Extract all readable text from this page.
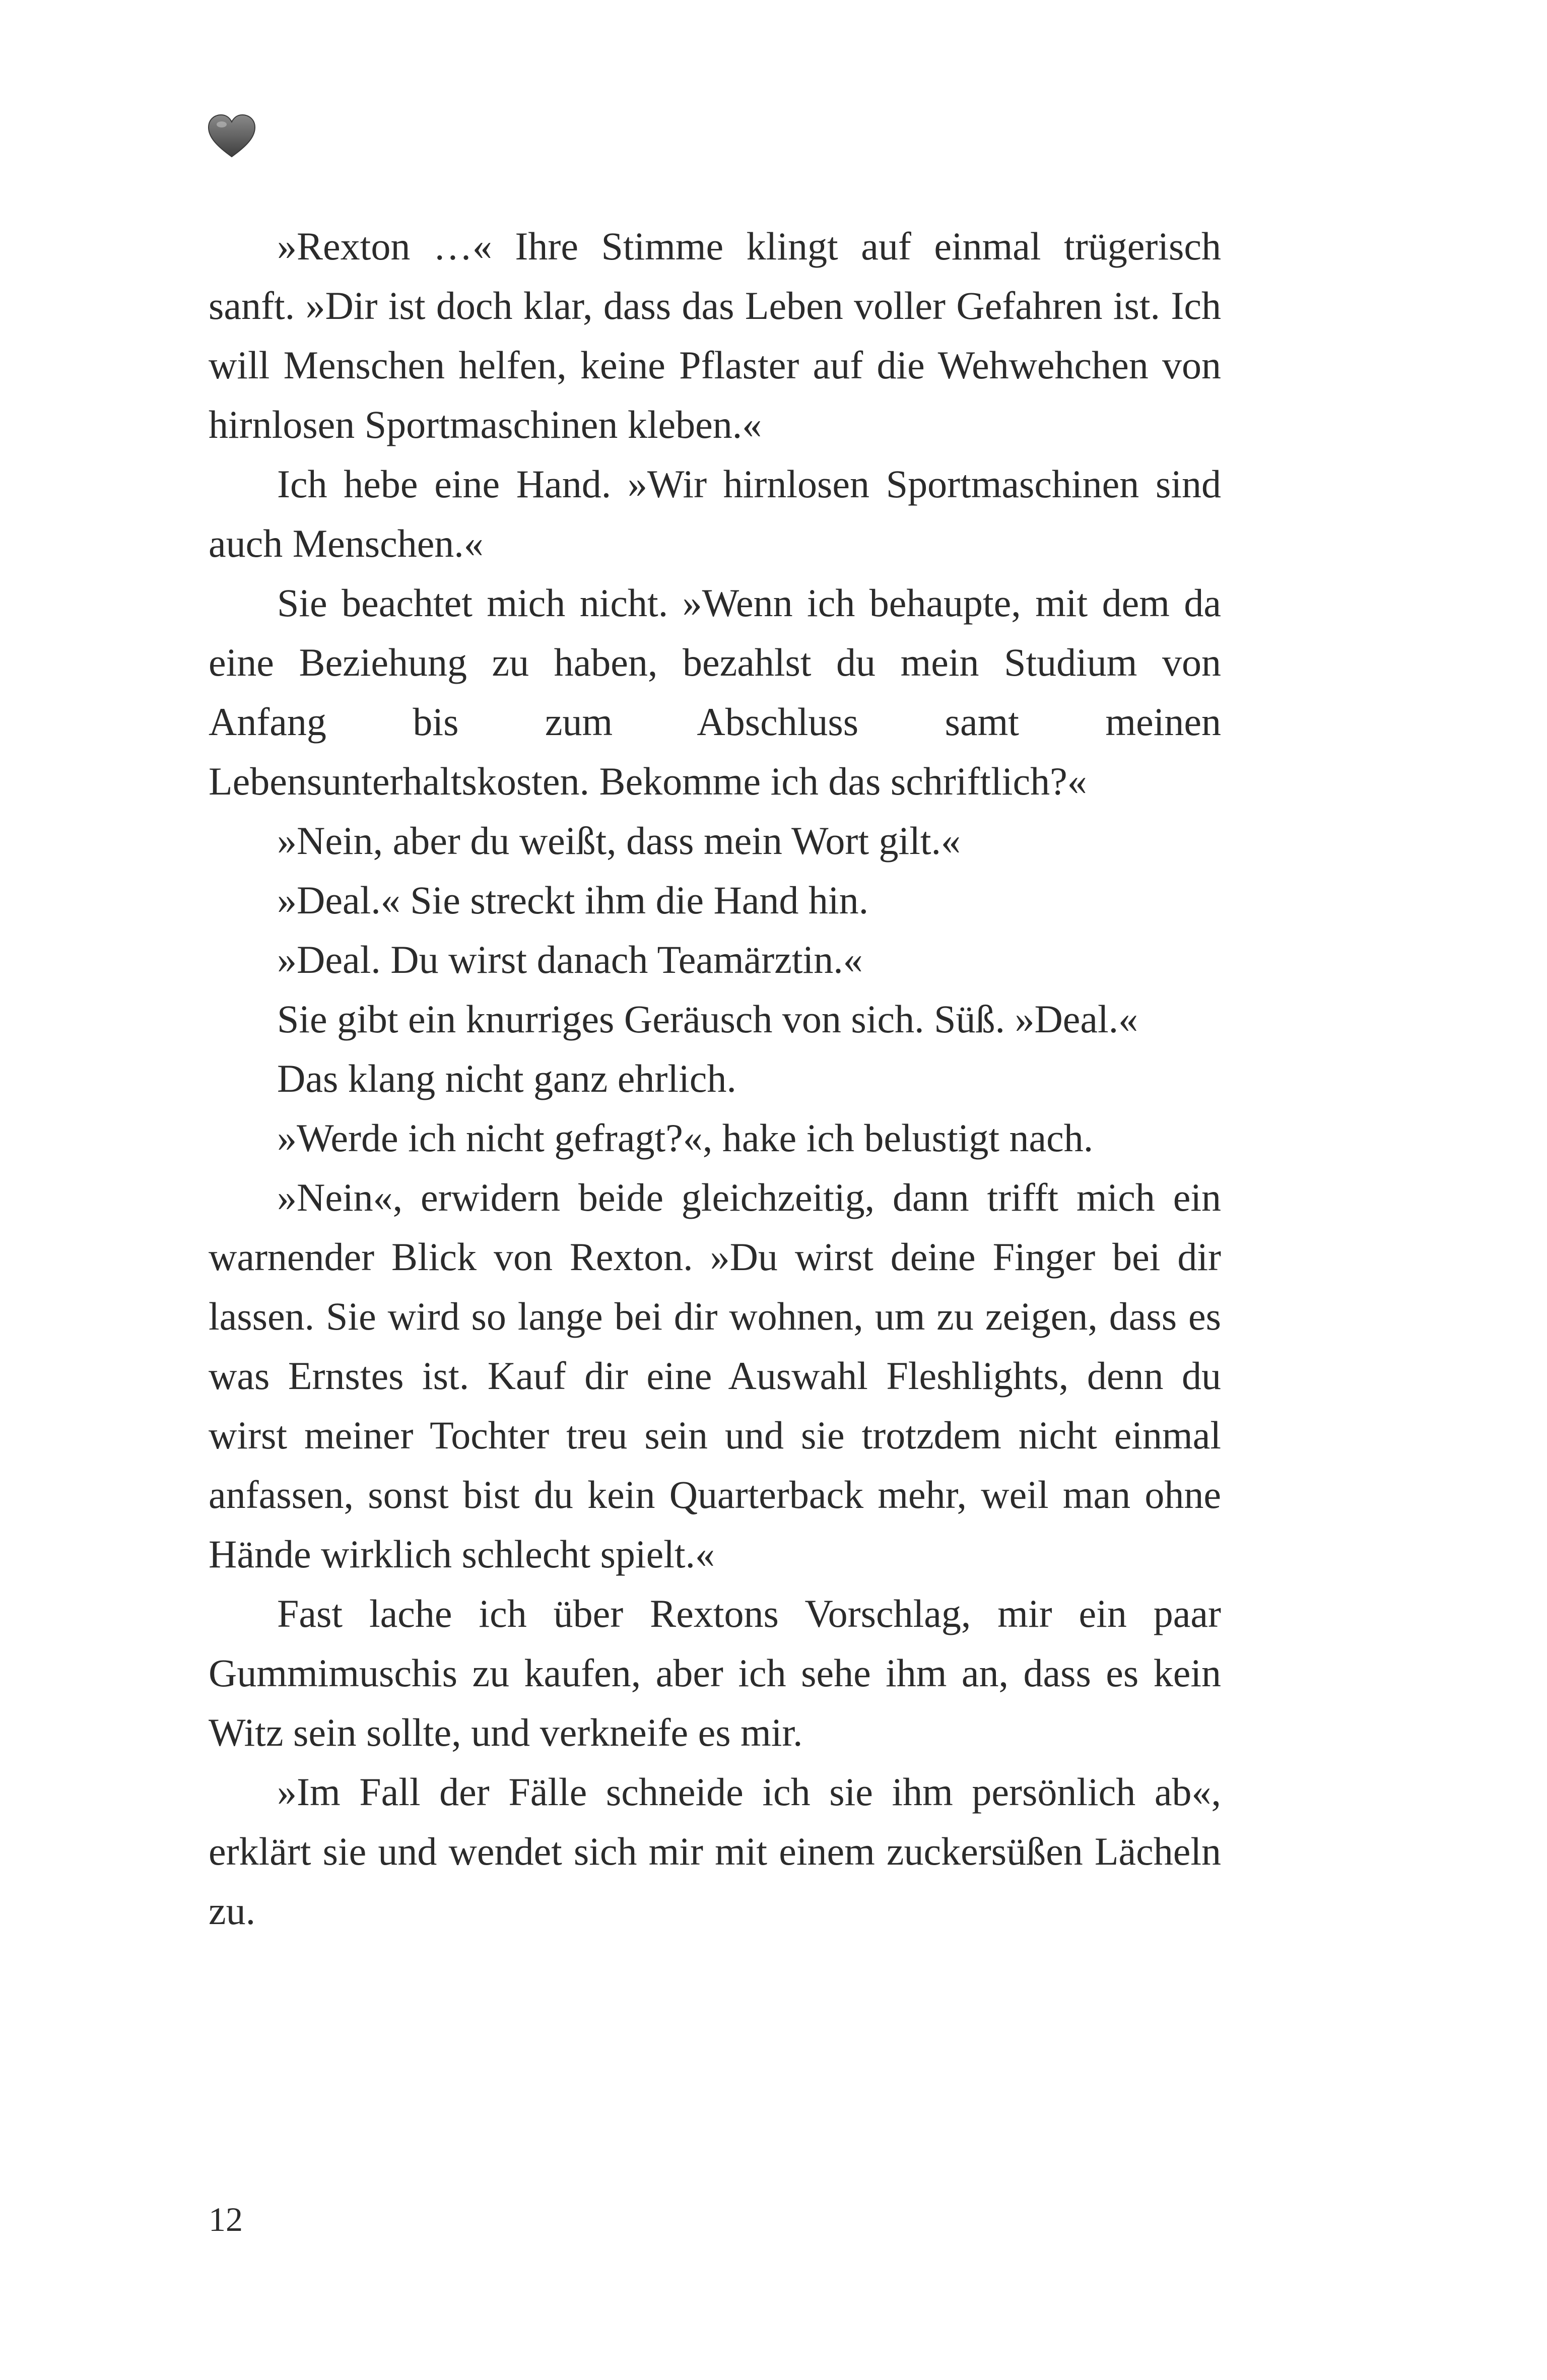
»Rexton …« Ihre Stimme klingt auf einmal trügerisch sanft. »Dir ist doch klar, dass das Leben voller Gefahren ist. Ich will Menschen helfen, keine Pflaster auf die Wehwehchen von hirnlosen Sportmaschinen kleben.«

Ich hebe eine Hand. »Wir hirnlosen Sportmaschinen sind auch Menschen.«

Sie beachtet mich nicht. »Wenn ich behaupte, mit dem da eine Beziehung zu haben, bezahlst du mein Studium von Anfang bis zum Abschluss samt meinen Lebensunterhaltskosten. Bekomme ich das schriftlich?«

»Nein, aber du weißt, dass mein Wort gilt.«

»Deal.« Sie streckt ihm die Hand hin.

»Deal. Du wirst danach Teamärztin.«

Sie gibt ein knurriges Geräusch von sich. Süß. »Deal.«

Das klang nicht ganz ehrlich.

»Werde ich nicht gefragt?«, hake ich belustigt nach.

»Nein«, erwidern beide gleichzeitig, dann trifft mich ein warnender Blick von Rexton. »Du wirst deine Finger bei dir lassen. Sie wird so lange bei dir wohnen, um zu zeigen, dass es was Ernstes ist. Kauf dir eine Auswahl Fleshlights, denn du wirst meiner Tochter treu sein und sie trotzdem nicht einmal anfassen, sonst bist du kein Quarterback mehr, weil man ohne Hände wirklich schlecht spielt.«

Fast lache ich über Rextons Vorschlag, mir ein paar Gummimuschis zu kaufen, aber ich sehe ihm an, dass es kein Witz sein sollte, und verkneife es mir.

»Im Fall der Fälle schneide ich sie ihm persönlich ab«, erklärt sie und wendet sich mir mit einem zuckersüßen Lächeln zu.

12
